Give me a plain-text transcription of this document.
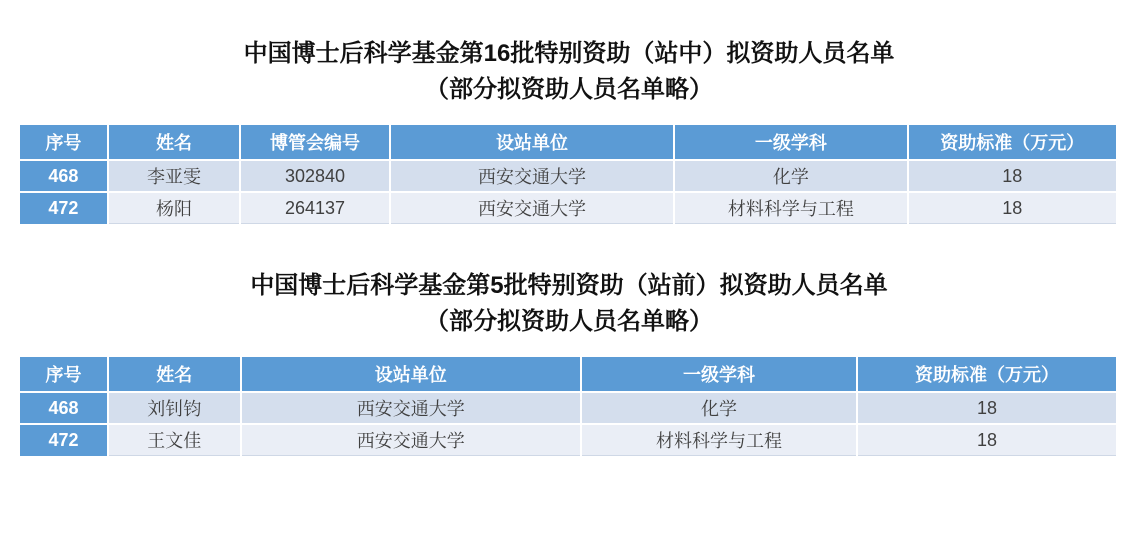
中国博士后科学基金第16批特别资助（站中）拟资助人员名单
（部分拟资助人员名单略）
序号	姓名	博管会编号	设站单位	一级学科	资助标准（万元）
468	李亚雯	302840	西安交通大学	化学	18
472	杨阳	264137	西安交通大学	材料科学与工程	18
中国博士后科学基金第5批特别资助（站前）拟资助人员名单
（部分拟资助人员名单略）
序号	姓名	设站单位	一级学科	资助标准（万元）
468	刘钊钧	西安交通大学	化学	18
472	王文佳	西安交通大学	材料科学与工程	18
